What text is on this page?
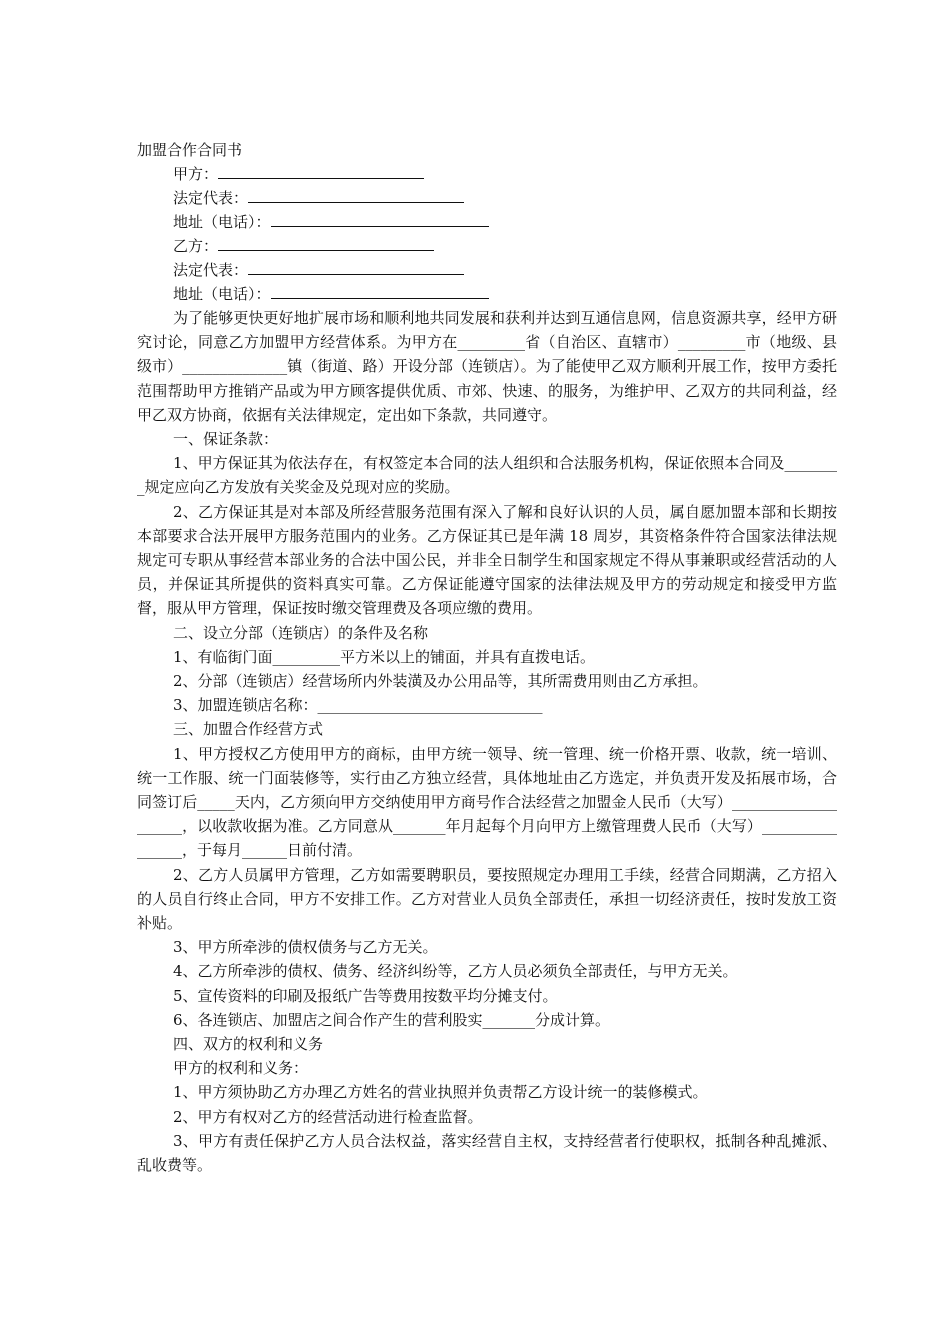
加盟合作合同书
甲方：
法定代表：
地址（电话）：
乙方：
法定代表：
地址（电话）：

为了能够更快更好地扩展市场和顺利地共同发展和获利并达到互通信息网，信息资源共享，经甲方研究讨论，同意乙方加盟甲方经营体系。为甲方在_________省（自治区、直辖市）_________市（地级、县级市）______________镇（街道、路）开设分部（连锁店）。为了能使甲乙双方顺利开展工作，按甲方委托范围帮助甲方推销产品或为甲方顾客提供优质、市郊、快速、的服务，为维护甲、乙双方的共同利益，经甲乙双方协商，依据有关法律规定，定出如下条款，共同遵守。

一、保证条款：

1、甲方保证其为依法存在，有权签定本合同的法人组织和合法服务机构，保证依照本合同及________规定应向乙方发放有关奖金及兑现对应的奖励。

2、乙方保证其是对本部及所经营服务范围有深入了解和良好认识的人员，属自愿加盟本部和长期按本部要求合法开展甲方服务范围内的业务。乙方保证其已是年满 18 周岁，其资格条件符合国家法律法规规定可专职从事经营本部业务的合法中国公民，并非全日制学生和国家规定不得从事兼职或经营活动的人员，并保证其所提供的资料真实可靠。乙方保证能遵守国家的法律法规及甲方的劳动规定和接受甲方监督，服从甲方管理，保证按时缴交管理费及各项应缴的费用。

二、设立分部（连锁店）的条件及名称
1、有临街门面_________平方米以上的铺面，并具有直拨电话。
2、分部（连锁店）经营场所内外装潢及办公用品等，其所需费用则由乙方承担。
3、加盟连锁店名称：______________________________
三、加盟合作经营方式

1、甲方授权乙方使用甲方的商标，由甲方统一领导、统一管理、统一价格开票、收款，统一培训、统一工作服、统一门面装修等，实行由乙方独立经营，具体地址由乙方选定，并负责开发及拓展市场，合同签订后_____天内，乙方须向甲方交纳使用甲方商号作合法经营之加盟金人民币（大写）____________________，以收款收据为准。乙方同意从_______年月起每个月向甲方上缴管理费人民币（大写）________________，于每月______日前付清。

2、乙方人员属甲方管理，乙方如需要聘职员，要按照规定办理用工手续，经营合同期满，乙方招入的人员自行终止合同，甲方不安排工作。乙方对营业人员负全部责任，承担一切经济责任，按时发放工资补贴。

3、甲方所牵涉的债权债务与乙方无关。
4、乙方所牵涉的债权、债务、经济纠纷等，乙方人员必须负全部责任，与甲方无关。
5、宣传资料的印刷及报纸广告等费用按数平均分摊支付。
6、各连锁店、加盟店之间合作产生的营利股实_______分成计算。
四、双方的权利和义务
甲方的权利和义务：
1、甲方须协助乙方办理乙方姓名的营业执照并负责帮乙方设计统一的装修模式。
2、甲方有权对乙方的经营活动进行检查监督。

3、甲方有责任保护乙方人员合法权益，落实经营自主权，支持经营者行使职权，抵制各种乱摊派、乱收费等。
